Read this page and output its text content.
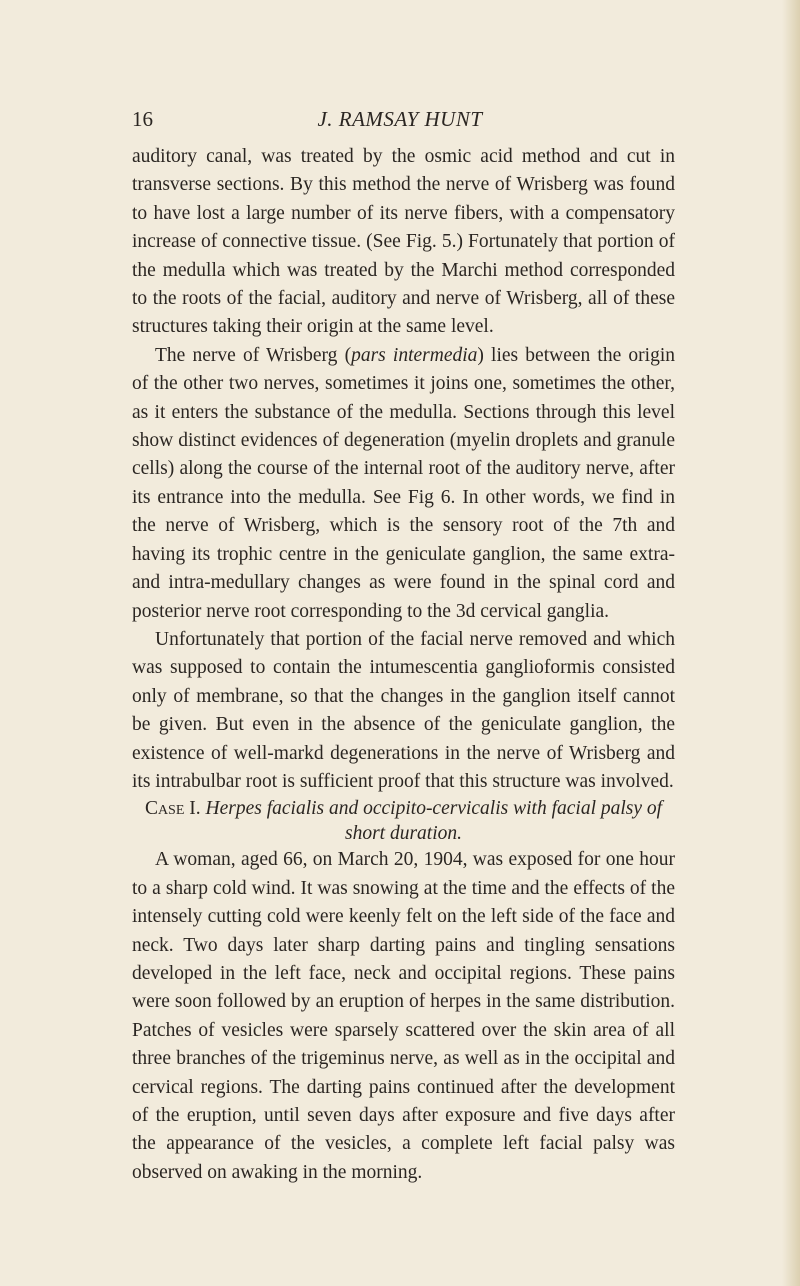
16	J. RAMSAY HUNT

auditory canal, was treated by the osmic acid method and cut in transverse sections. By this method the nerve of Wrisberg was found to have lost a large number of its nerve fibers, with a compensatory increase of connective tissue. (See Fig. 5.) Fortunately that portion of the medulla which was treated by the Marchi method corresponded to the roots of the facial, auditory and nerve of Wrisberg, all of these structures taking their origin at the same level.

The nerve of Wrisberg (pars intermedia) lies between the origin of the other two nerves, sometimes it joins one, sometimes the other, as it enters the substance of the medulla. Sections through this level show distinct evidences of degeneration (myelin droplets and granule cells) along the course of the internal root of the auditory nerve, after its entrance into the medulla. See Fig 6. In other words, we find in the nerve of Wrisberg, which is the sensory root of the 7th and having its trophic centre in the geniculate ganglion, the same extra- and intra-medullary changes as were found in the spinal cord and posterior nerve root corresponding to the 3d cervical ganglia.

Unfortunately that portion of the facial nerve removed and which was supposed to contain the intumescentia ganglioformis consisted only of membrane, so that the changes in the ganglion itself cannot be given. But even in the absence of the geniculate ganglion, the existence of well-markd degenerations in the nerve of Wrisberg and its intrabulbar root is sufficient proof that this structure was involved.

Case I. Herpes facialis and occipito-cervicalis with facial palsy of short duration.

A woman, aged 66, on March 20, 1904, was exposed for one hour to a sharp cold wind. It was snowing at the time and the effects of the intensely cutting cold were keenly felt on the left side of the face and neck. Two days later sharp darting pains and tingling sensations developed in the left face, neck and occipital regions. These pains were soon followed by an eruption of herpes in the same distribution. Patches of vesicles were sparsely scattered over the skin area of all three branches of the trigeminus nerve, as well as in the occipital and cervical regions. The darting pains continued after the development of the eruption, until seven days after exposure and five days after the appearance of the vesicles, a complete left facial palsy was observed on awaking in the morning.
